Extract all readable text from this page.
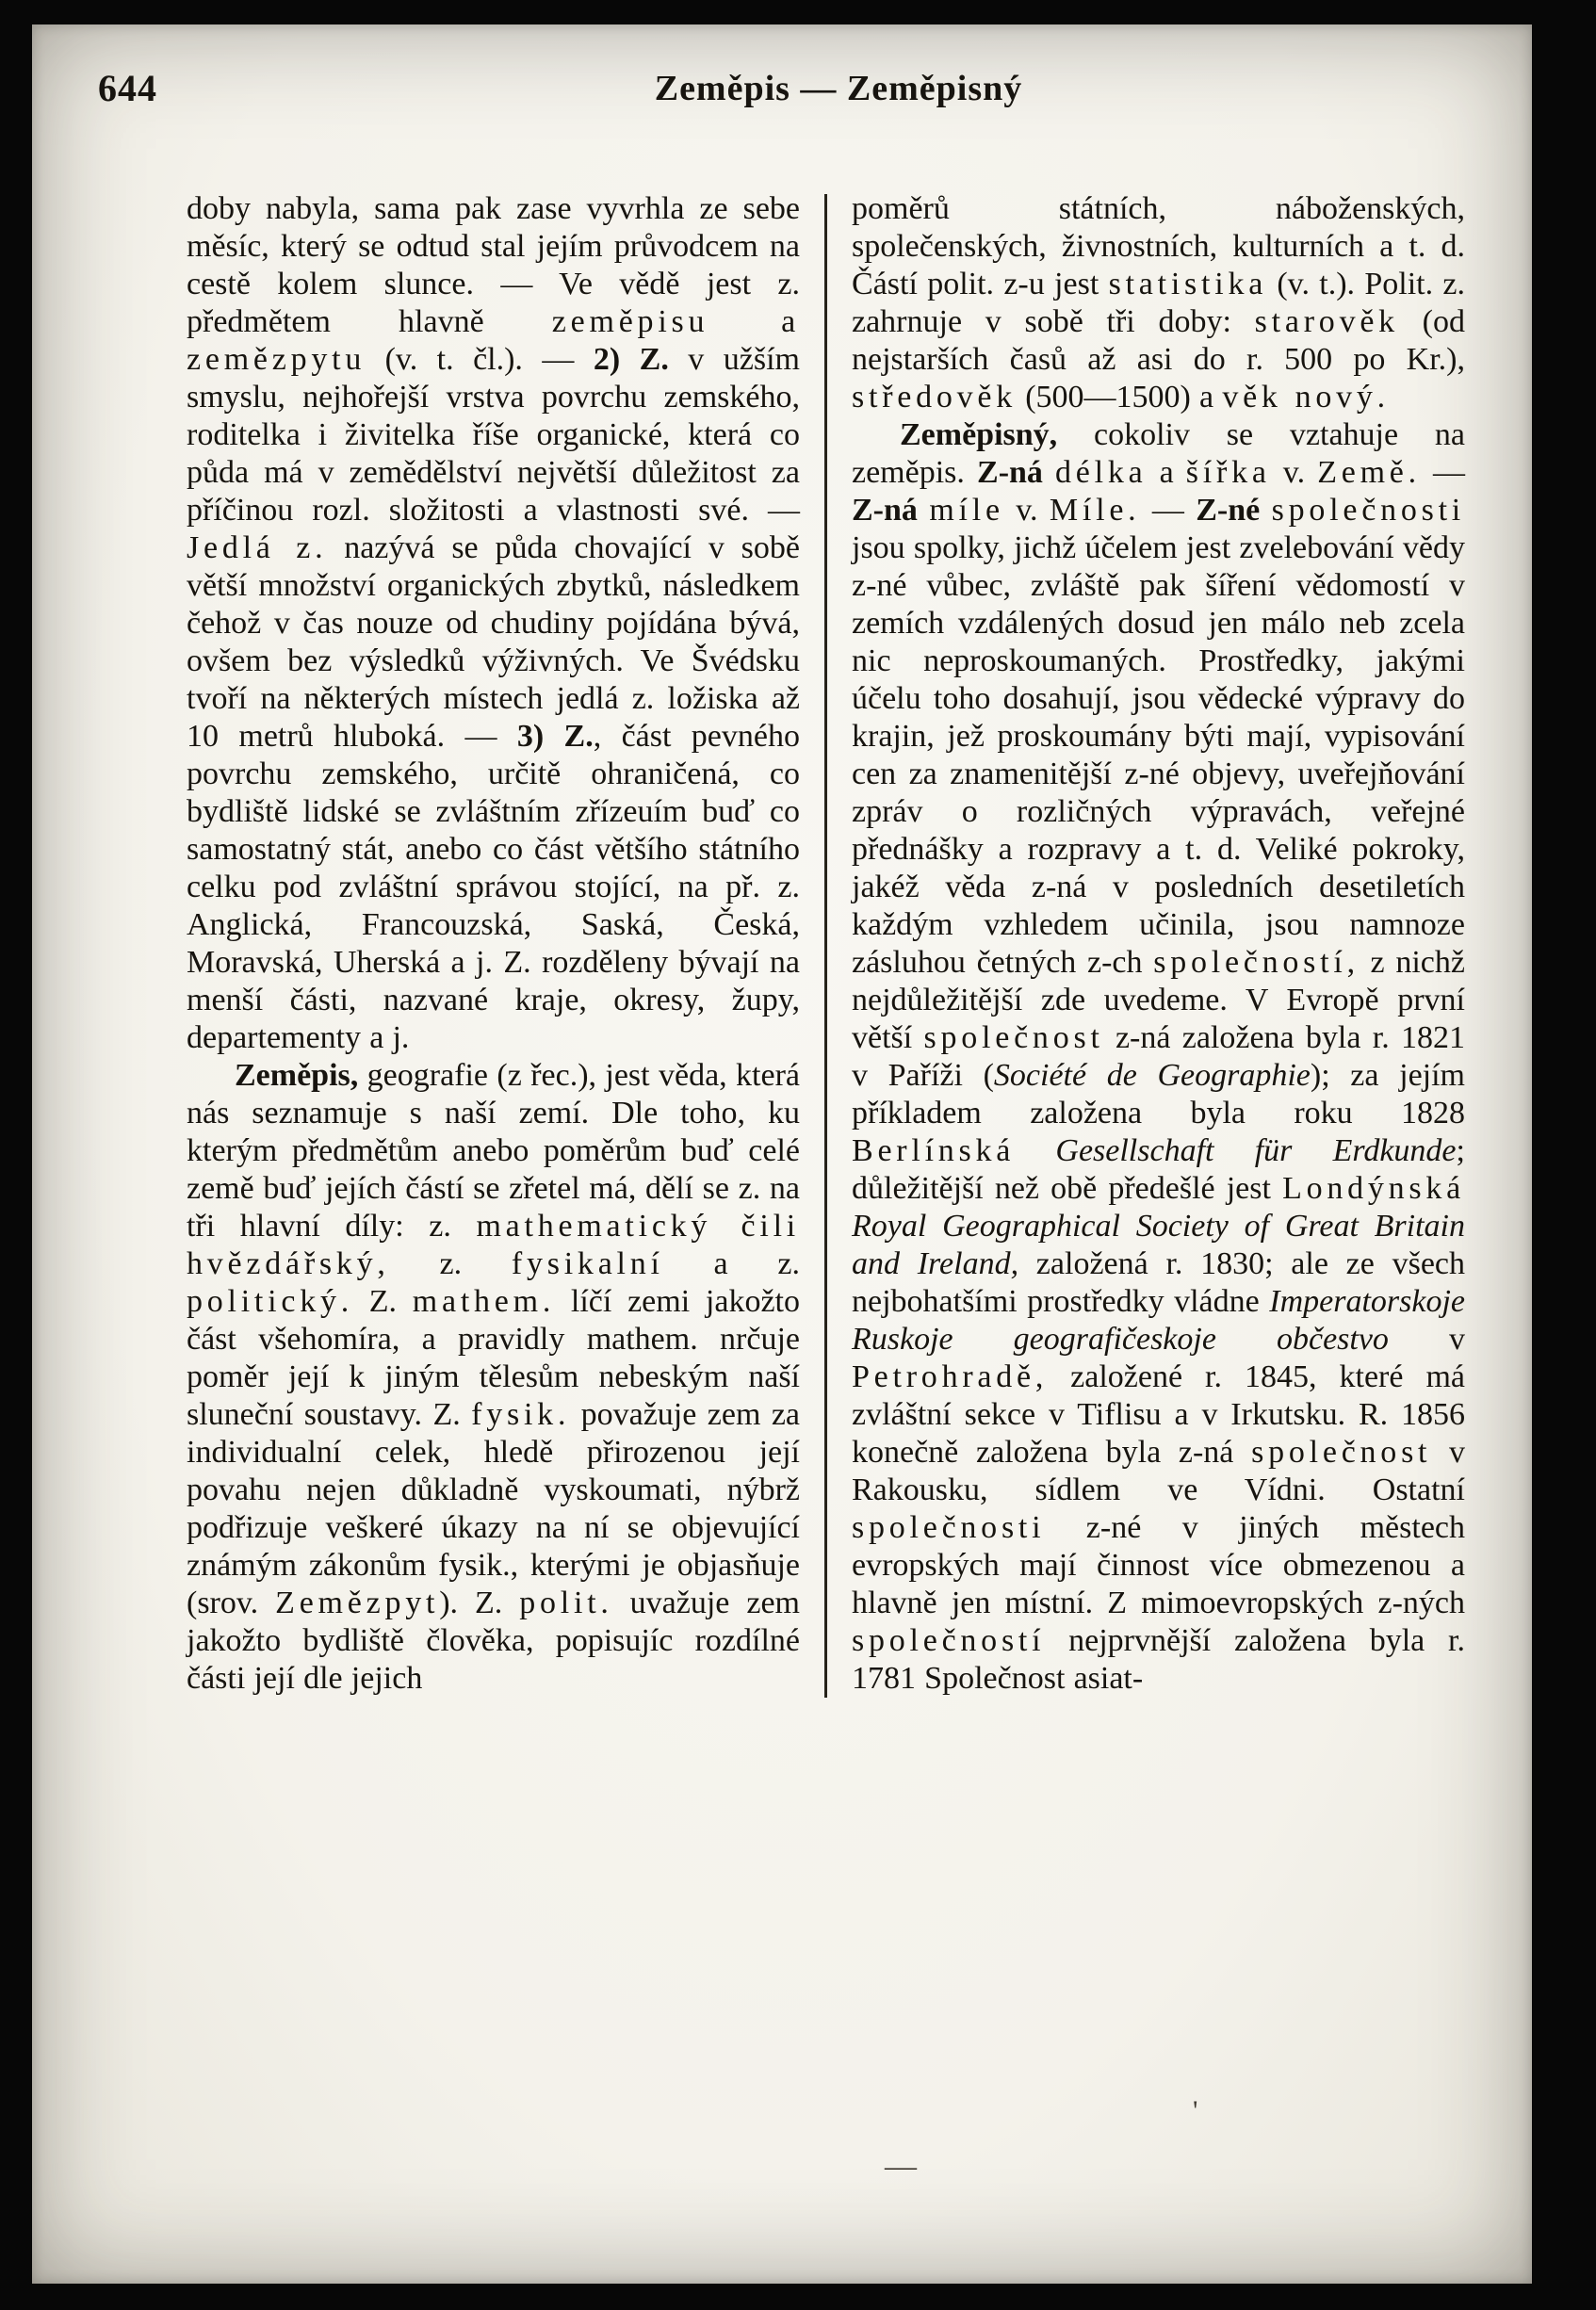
644	Zeměpis — Zeměpisný

doby nabyla, sama pak zase vyvrhla ze sebe měsíc, který se odtud stal jejím průvodcem na cestě kolem slunce. — Ve vědě jest z. předmětem hlavně zeměpisu a zemězpytu (v. t. čl.). — 2) Z. v užším smyslu, nejhořejší vrstva povrchu zemského, roditelka i živitelka říše organické, která co půda má v zemědělství největší důležitost za příčinou rozl. složitosti a vlastnosti své. — Jedlá z. nazývá se půda chovající v sobě větší množství organických zbytků, následkem čehož v čas nouze od chudiny pojídána bývá, ovšem bez výsledků výživných. Ve Švédsku tvoří na některých místech jedlá z. ložiska až 10 metrů hluboká. — 3) Z., část pevného povrchu zemského, určitě ohraničená, co bydliště lidské se zvláštním zřízeuím buď co samostatný stát, anebo co část většího státního celku pod zvláštní správou stojící, na př. z. Anglická, Francouzská, Saská, Česká, Moravská, Uherská a j. Z. rozděleny bývají na menší části, nazvané kraje, okresy, župy, departementy a j.

Zeměpis, geografie (z řec.), jest věda, která nás seznamuje s naší zemí. Dle toho, ku kterým předmětům anebo poměrům buď celé země buď jejích částí se zřetel má, dělí se z. na tři hlavní díly: z. mathematický čili hvězdářský, z. fysikalní a z. politický. Z. mathem. líčí zemi jakožto část všehomíra, a pravidly mathem. nrčuje poměr její k jiným tělesům nebeským naší sluneční soustavy. Z. fysik. považuje zem za individualní celek, hledě přirozenou její povahu nejen důkladně vyskoumati, nýbrž podřizuje veškeré úkazy na ní se objevující známým zákonům fysik., kterými je objasňuje (srov. Zemězpyt). Z. polit. uvažuje zem jakožto bydliště člověka, popisujíc rozdílné části její dle jejich

poměrů státních, náboženských, společenských, živnostních, kulturních a t. d. Částí polit. z-u jest statistika (v. t.). Polit. z. zahrnuje v sobě tři doby: starověk (od nejstarších časů až asi do r. 500 po Kr.), středověk (500—1500) a věk nový.

Zeměpisný, cokoliv se vztahuje na zeměpis. Z-ná délka a šířka v. Země. — Z-ná míle v. Míle. — Z-né společnosti jsou spolky, jichž účelem jest zvelebování vědy z-né vůbec, zvláště pak šíření vědomostí v zemích vzdálených dosud jen málo neb zcela nic neproskoumaných. Prostředky, jakými účelu toho dosahují, jsou vědecké výpravy do krajin, jež proskoumány býti mají, vypisování cen za znamenitější z-né objevy, uveřejňování zpráv o rozličných výpravách, veřejné přednášky a rozpravy a t. d. Veliké pokroky, jakéž věda z-ná v posledních desetiletích každým vzhledem učinila, jsou namnoze zásluhou četných z-ch společností, z nichž nejdůležitější zde uvedeme. V Evropě první větší společnost z-ná založena byla r. 1821 v Paříži (Société de Geographie); za jejím příkladem založena byla roku 1828 Berlínská Gesellschaft für Erdkunde; důležitější než obě předešlé jest Londýnská Royal Geographical Society of Great Britain and Ireland, založená r. 1830; ale ze všech nejbohatšími prostředky vládne Imperatorskoje Ruskoje geografičeskoje občestvo v Petrohradě, založené r. 1845, které má zvláštní sekce v Tiflisu a v Irkutsku. R. 1856 konečně založena byla z-ná společnost v Rakousku, sídlem ve Vídni. Ostatní společnosti z-né v jiných městech evropských mají činnost více obmezenou a hlavně jen místní. Z mimoevropských z-ných společností nejprvnější založena byla r. 1781 Společnost asiat-

—
'
